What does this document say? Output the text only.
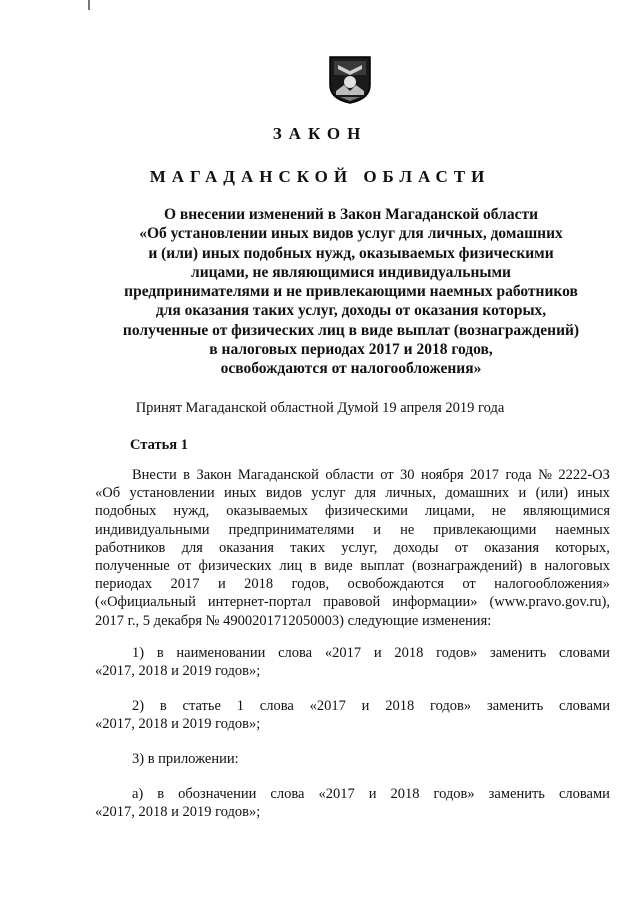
ЗАКОН
МАГАДАНСКОЙ ОБЛАСТИ
О внесении изменений в Закон Магаданской области
«Об установлении иных видов услуг для личных, домашних
и (или) иных подобных нужд, оказываемых физическими
лицами, не являющимися индивидуальными
предпринимателями и не привлекающими наемных работников
для оказания таких услуг, доходы от оказания которых,
полученные от физических лиц в виде выплат (вознаграждений)
в налоговых периодах 2017 и 2018 годов,
освобождаются от налогообложения»
Принят Магаданской областной Думой 19 апреля 2019 года
Статья 1
Внести в Закон Магаданской области от 30 ноября 2017 года № 2222-ОЗ
«Об установлении иных видов услуг для личных, домашних и (или) иных
подобных нужд, оказываемых физическими лицами, не являющимися
индивидуальными предпринимателями и не привлекающими наемных
работников для оказания таких услуг, доходы от оказания которых,
полученные от физических лиц в виде выплат (вознаграждений) в налоговых
периодах 2017 и 2018 годов, освобождаются от налогообложения»
(«Официальный интернет-портал правовой информации» (www.pravo.gov.ru),
2017 г., 5 декабря № 4900201712050003) следующие изменения:
1) в наименовании слова «2017 и 2018 годов» заменить словами
«2017, 2018 и 2019 годов»;
2) в статье 1 слова «2017 и 2018 годов» заменить словами
«2017, 2018 и 2019 годов»;
3) в приложении:
а) в обозначении слова «2017 и 2018 годов» заменить словами
«2017, 2018 и 2019 годов»;
